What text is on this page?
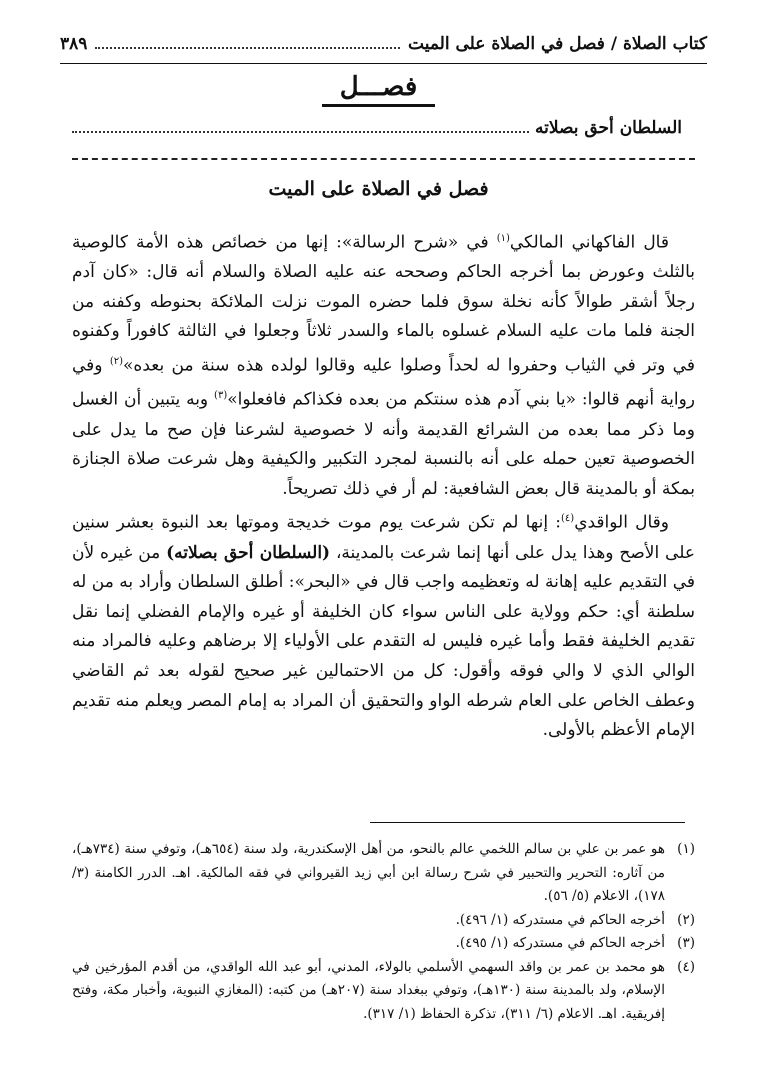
كتاب الصلاة / فصل في الصلاة على الميت
٣٨٩
فصـــل
السلطان أحق بصلاته
فصل في الصلاة على الميت

قال الفاكهاني المالكي$^{(١)}$ في «شرح الرسالة»: إنها من خصائص هذه الأمة كالوصية بالثلث وعورض بما أخرجه الحاكم وصححه عنه عليه الصلاة والسلام أنه قال: «كان آدم رجلاً أشقر طوالاً كأنه نخلة سوق فلما حضره الموت نزلت الملائكة بحنوطه وكفنه من الجنة فلما مات عليه السلام غسلوه بالماء والسدر ثلاثاً وجعلوا في الثالثة كافوراً وكفنوه في وتر في الثياب وحفروا له لحداً وصلوا عليه وقالوا لولده هذه سنة من بعده»$^{(٢)}$ وفي رواية أنهم قالوا: «يا بني آدم هذه سنتكم من بعده فكذاكم فافعلوا»$^{(٣)}$ وبه يتبين أن الغسل وما ذكر مما بعده من الشرائع القديمة وأنه لا خصوصية لشرعنا فإن صح ما يدل على الخصوصية تعين حمله على أنه بالنسبة لمجرد التكبير والكيفية وهل شرعت صلاة الجنازة بمكة أو بالمدينة قال بعض الشافعية: لم أر في ذلك تصريحاً.

وقال الواقدي$^{(٤)}$: إنها لم تكن شرعت يوم موت خديجة وموتها بعد النبوة بعشر سنين على الأصح وهذا يدل على أنها إنما شرعت بالمدينة، (السلطان أحق بصلاته) من غيره لأن في التقديم عليه إهانة له وتعظيمه واجب قال في «البحر»: أطلق السلطان وأراد به من له سلطنة أي: حكم وولاية على الناس سواء كان الخليفة أو غيره والإمام الفضلي إنما نقل تقديم الخليفة فقط وأما غيره فليس له التقدم على الأولياء إلا برضاهم وعليه فالمراد منه الوالي الذي لا والي فوقه وأقول: كل من الاحتمالين غير صحيح لقوله بعد ثم القاضي وعطف الخاص على العام شرطه الواو والتحقيق أن المراد به إمام المصر ويعلم منه تقديم الإمام الأعظم بالأولى.

(١)
هو عمر بن علي بن سالم اللخمي عالم بالنحو، من أهل الإسكندرية، ولد سنة (٦٥٤هـ)، وتوفي سنة (٧٣٤هـ)، من آثاره: التحرير والتحبير في شرح رسالة ابن أبي زيد القيرواني في فقه المالكية. اهـ. الدرر الكامنة (٣/ ١٧٨)، الاعلام (٥/ ٥٦).
(٢)
أخرجه الحاكم في مستدركه (١/ ٤٩٦).
(٣)
أخرجه الحاكم في مستدركه (١/ ٤٩٥).
(٤)
هو محمد بن عمر بن واقد السهمي الأسلمي بالولاء، المدني، أبو عبد الله الواقدي، من أقدم المؤرخين في الإسلام، ولد بالمدينة سنة (١٣٠هـ)، وتوفي ببغداد سنة (٢٠٧هـ) من كتبه: (المغازي النبوية، وأخبار مكة، وفتح إفريقية. اهـ. الاعلام (٦/ ٣١١)، تذكرة الحفاظ (١/ ٣١٧).
